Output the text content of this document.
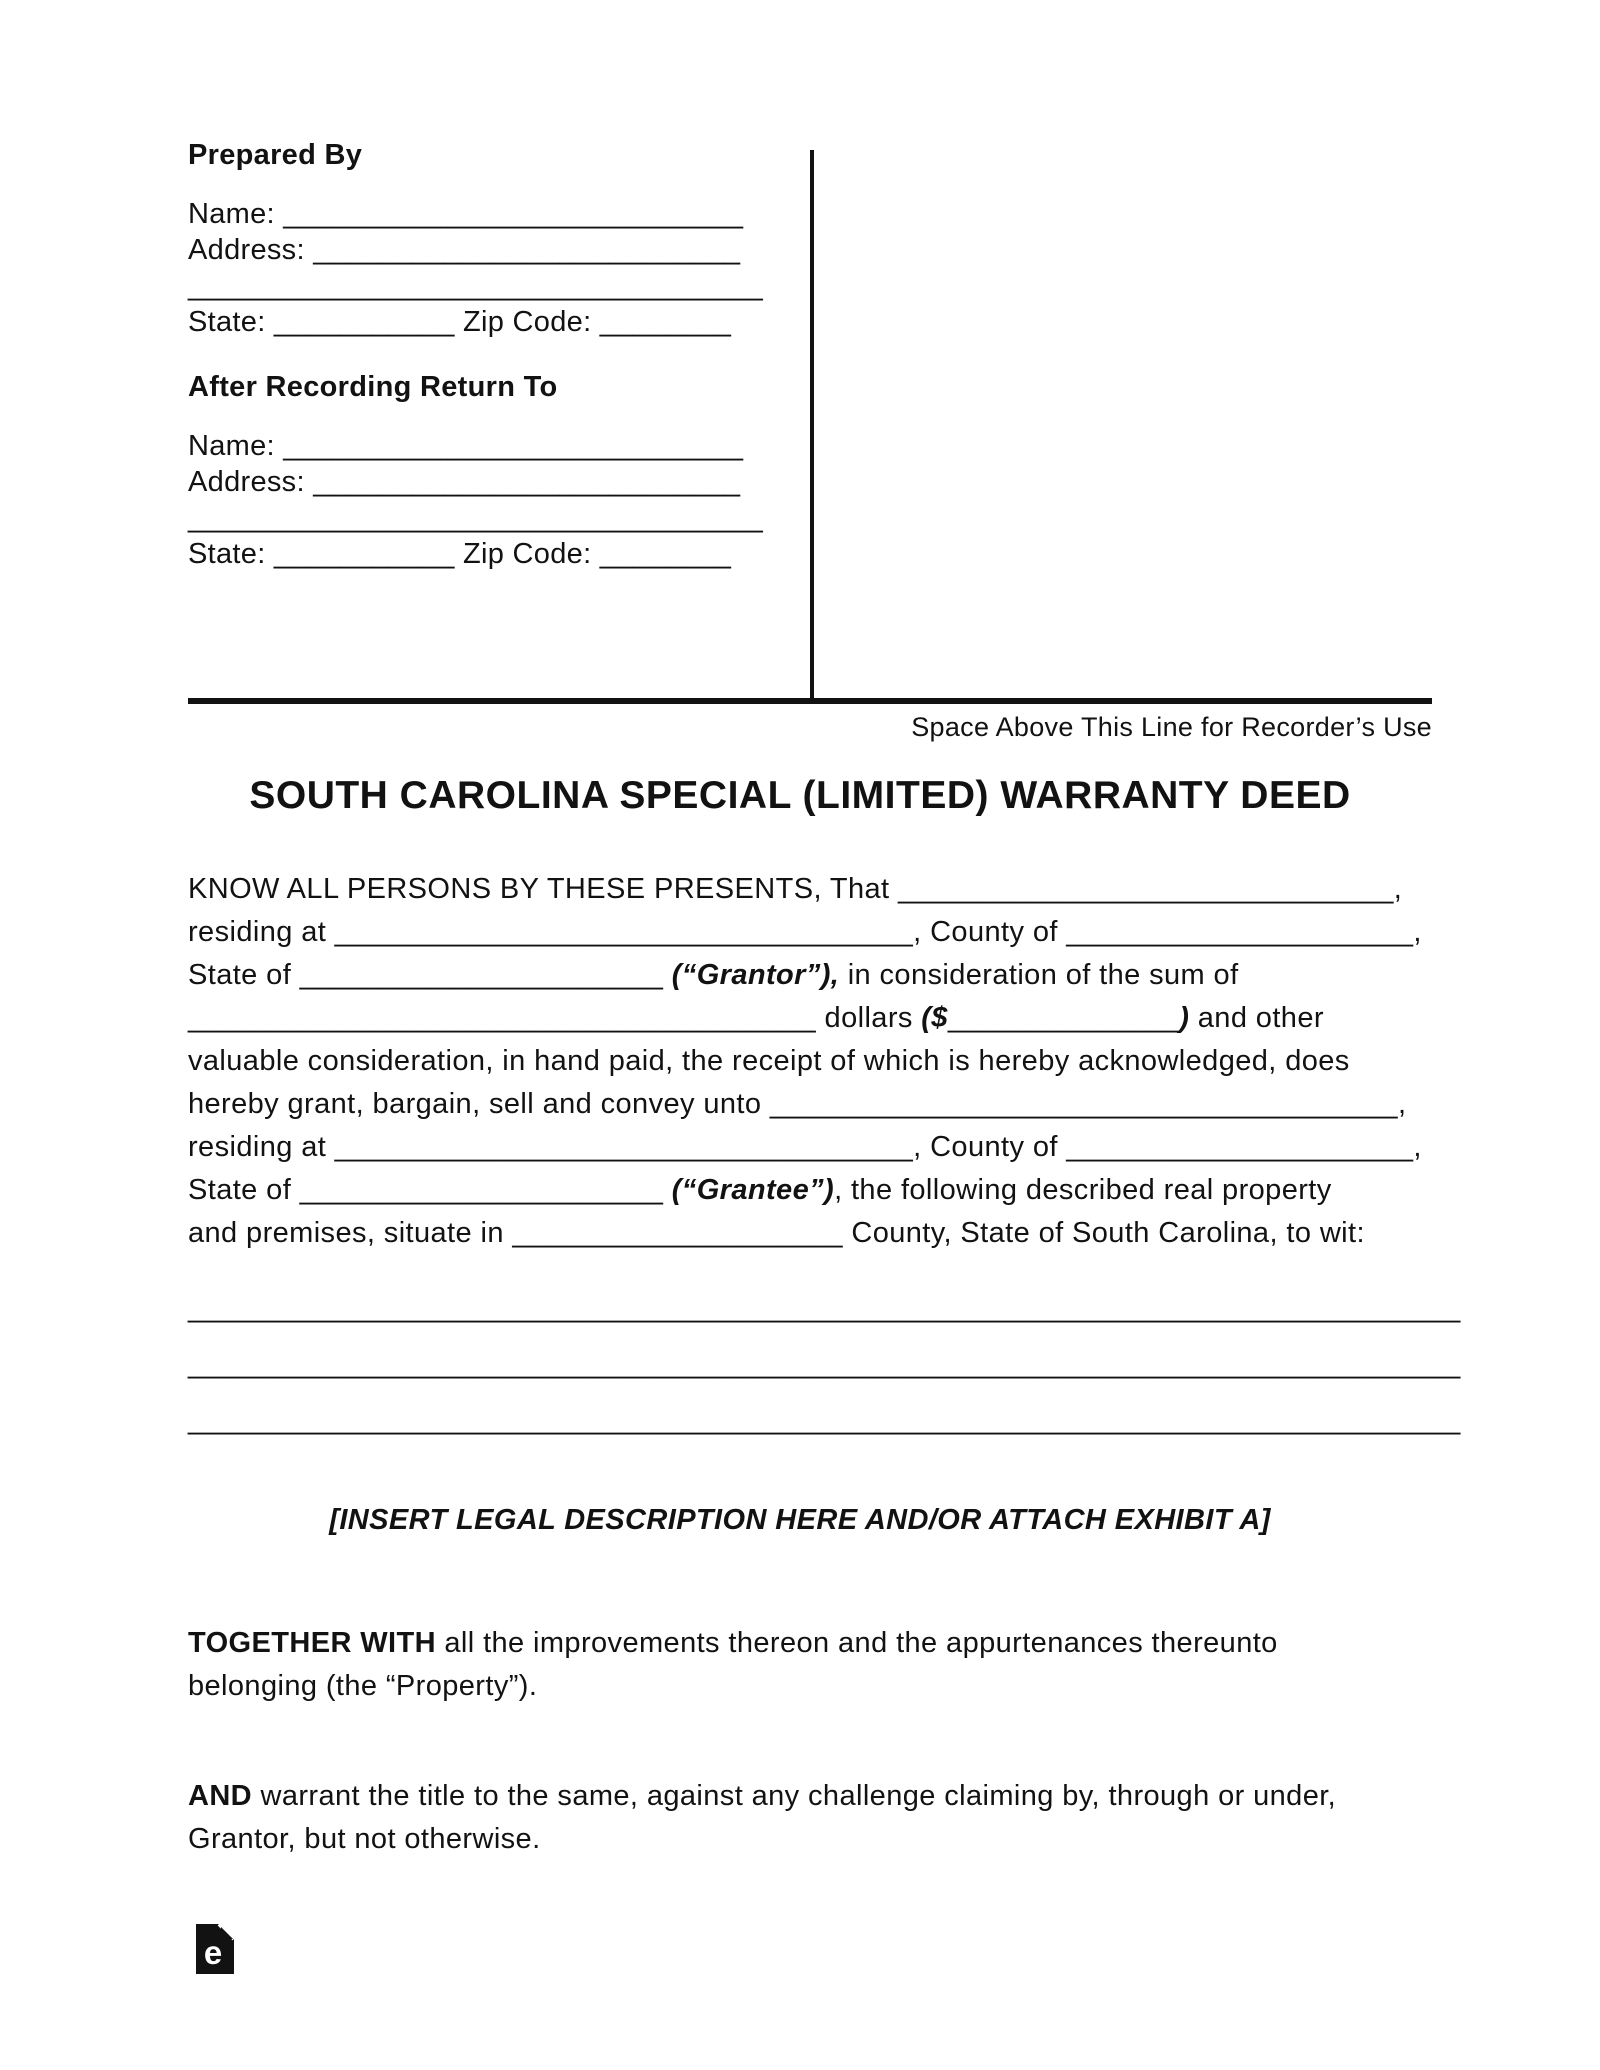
Prepared By
Name: ____________________________
Address: __________________________
___________________________________
State: ___________ Zip Code: ________
After Recording Return To
Name: ____________________________
Address: __________________________
___________________________________
State: ___________ Zip Code: ________
Space Above This Line for Recorder’s Use
SOUTH CAROLINA SPECIAL (LIMITED) WARRANTY DEED
KNOW ALL PERSONS BY THESE PRESENTS, That ______________________________,
residing at ___________________________________, County of _____________________,
State of ______________________ (“Grantor”), in consideration of the sum of
______________________________________ dollars ($______________) and other
valuable consideration, in hand paid, the receipt of which is hereby acknowledged, does
hereby grant, bargain, sell and convey unto ______________________________________,
residing at ___________________________________, County of _____________________,
State of ______________________ (“Grantee”), the following described real property
and premises, situate in ____________________ County, State of South Carolina, to wit:
_____________________________________________________________________________
_____________________________________________________________________________
_____________________________________________________________________________
[INSERT LEGAL DESCRIPTION HERE AND/OR ATTACH EXHIBIT A]
TOGETHER WITH all the improvements thereon and the appurtenances thereunto
belonging (the “Property”).
AND warrant the title to the same, against any challenge claiming by, through or under,
Grantor, but not otherwise.
e
